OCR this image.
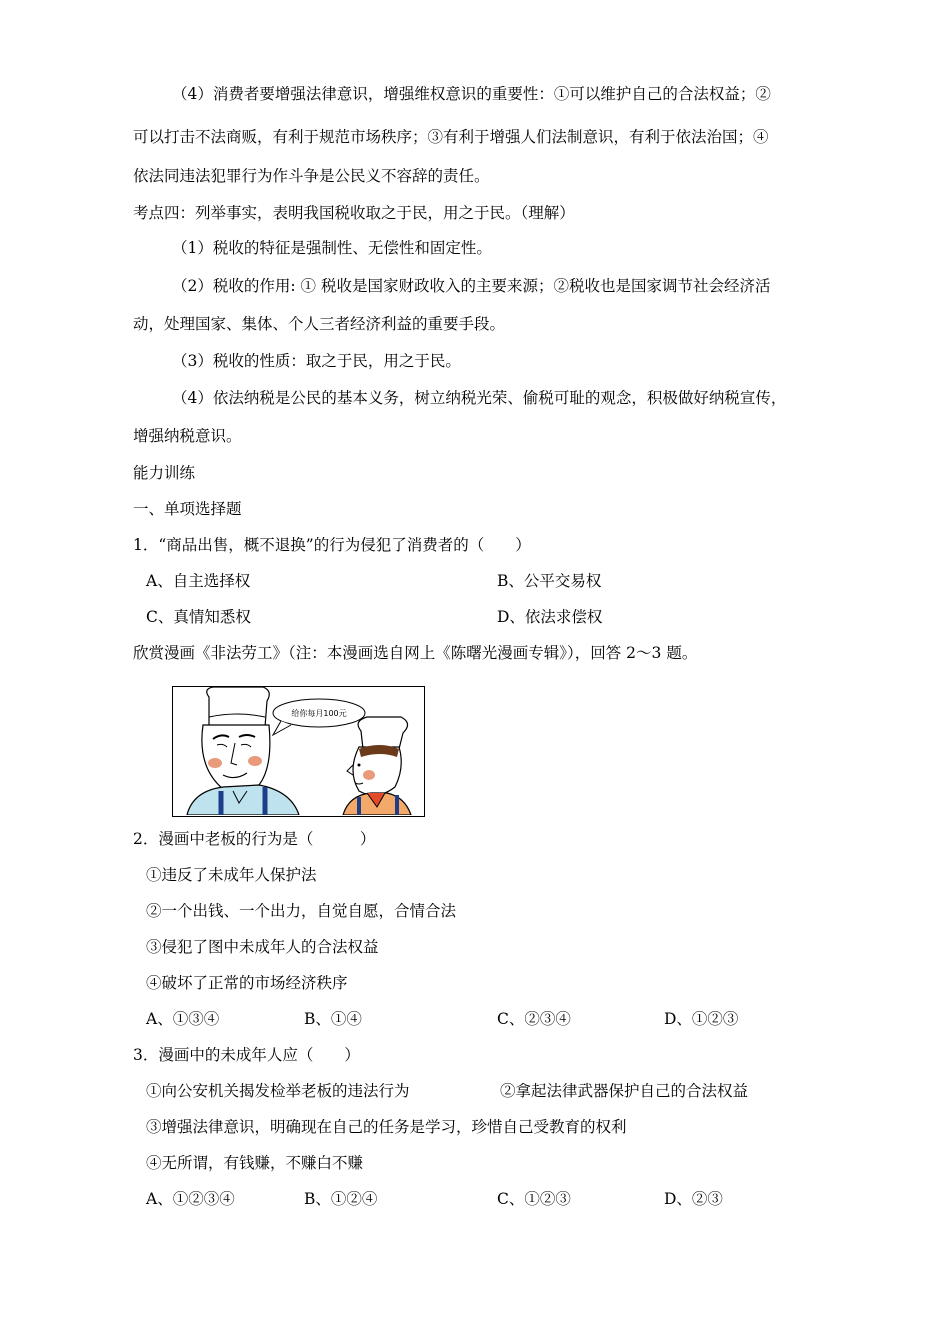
（4）消费者要增强法律意识，增强维权意识的重要性：①可以维护自己的合法权益；②
可以打击不法商贩，有利于规范市场秩序；③有利于增强人们法制意识，有利于依法治国；④
依法同违法犯罪行为作斗争是公民义不容辞的责任。
考点四：列举事实，表明我国税收取之于民，用之于民。（理解）
（1）税收的特征是强制性、无偿性和固定性。
（2）税收的作用: ① 税收是国家财政收入的主要来源；②税收也是国家调节社会经济活
动，处理国家、集体、个人三者经济利益的重要手段。
（3）税收的性质：取之于民，用之于民。
（4）依法纳税是公民的基本义务，树立纳税光荣、偷税可耻的观念，积极做好纳税宣传，
增强纳税意识。
能力训练
一、单项选择题
1．“商品出售，概不退换”的行为侵犯了消费者的（　　）
A、自主选择权	B、公平交易权
C、真情知悉权	D、依法求偿权
欣赏漫画《非法劳工》（注：本漫画选自网上《陈曙光漫画专辑》），回答 2～3 题。
给你每月100元
2．漫画中老板的行为是（　　　）
①违反了未成年人保护法
②一个出钱、一个出力，自觉自愿，合情合法
③侵犯了图中未成年人的合法权益
④破坏了正常的市场经济秩序
A、①③④	B、①④	C、②③④	D、①②③
3．漫画中的未成年人应（　　）
①向公安机关揭发检举老板的违法行为	②拿起法律武器保护自己的合法权益
③增强法律意识，明确现在自己的任务是学习，珍惜自己受教育的权利
④无所谓，有钱赚，不赚白不赚
A、①②③④	B、①②④	C、①②③	D、②③
